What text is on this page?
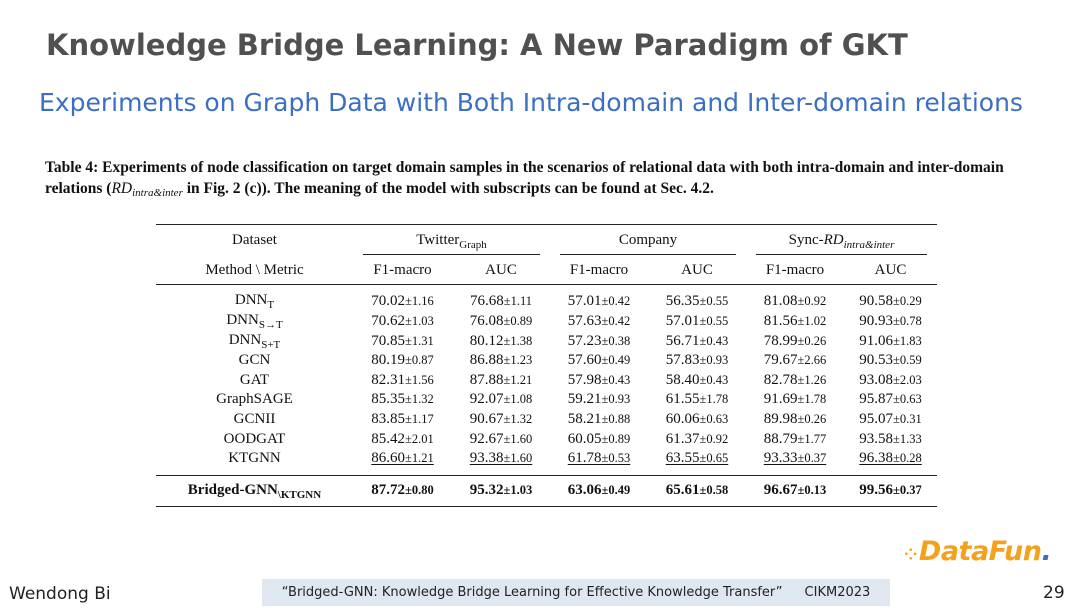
Knowledge Bridge Learning: A New Paradigm of GKT
Experiments on Graph Data with Both Intra-domain and Inter-domain relations
Table 4: Experiments of node classification on target domain samples in the scenarios of relational data with both intra-domain and inter-domain relations (RDintra&inter in Fig. 2 (c)). The meaning of the model with subscripts can be found at Sec. 4.2.
Dataset	Twitter$_{Graph}$		Company		Sync-$RD_{intra\&inter}$
Method \ Metric	F1-macro	AUC	F1-macro	AUC	F1-macro	AUC
$DNN_T$	70.02±1.16	76.68±1.11	57.01±0.42	56.35±0.55	81.08±0.92	90.58±0.29
$DNN_{S\to T}$	70.62±1.03	76.08±0.89	57.63±0.42	57.01±0.55	81.56±1.02	90.93±0.78
$DNN_{S+T}$	70.85±1.31	80.12±1.38	57.23±0.38	56.71±0.43	78.99±0.26	91.06±1.83
GCN	80.19±0.87	86.88±1.23	57.60±0.49	57.83±0.93	79.67±2.66	90.53±0.59
GAT	82.31±1.56	87.88±1.21	57.98±0.43	58.40±0.43	82.78±1.26	93.08±2.03
GraphSAGE	85.35±1.32	92.07±1.08	59.21±0.93	61.55±1.78	91.69±1.78	95.87±0.63
GCNII	83.85±1.17	90.67±1.32	58.21±0.88	60.06±0.63	89.98±0.26	95.07±0.31
OODGAT	85.42±2.01	92.67±1.60	60.05±0.89	61.37±0.92	88.79±1.77	93.58±1.33
KTGNN	86.60±1.21	93.38±1.60	61.78±0.53	63.55±0.65	93.33±0.37	96.38±0.28
Bridged-$GNN_{\backslash KTGNN}$	87.72±0.80	95.32±1.03	63.06±0.49	65.61±0.58	96.67±0.13	99.56±0.37
⁘DataFun.
Wendong Bi	“Bridged-GNN: Knowledge Bridge Learning for Effective Knowledge Transfer” CIKM2023	29
